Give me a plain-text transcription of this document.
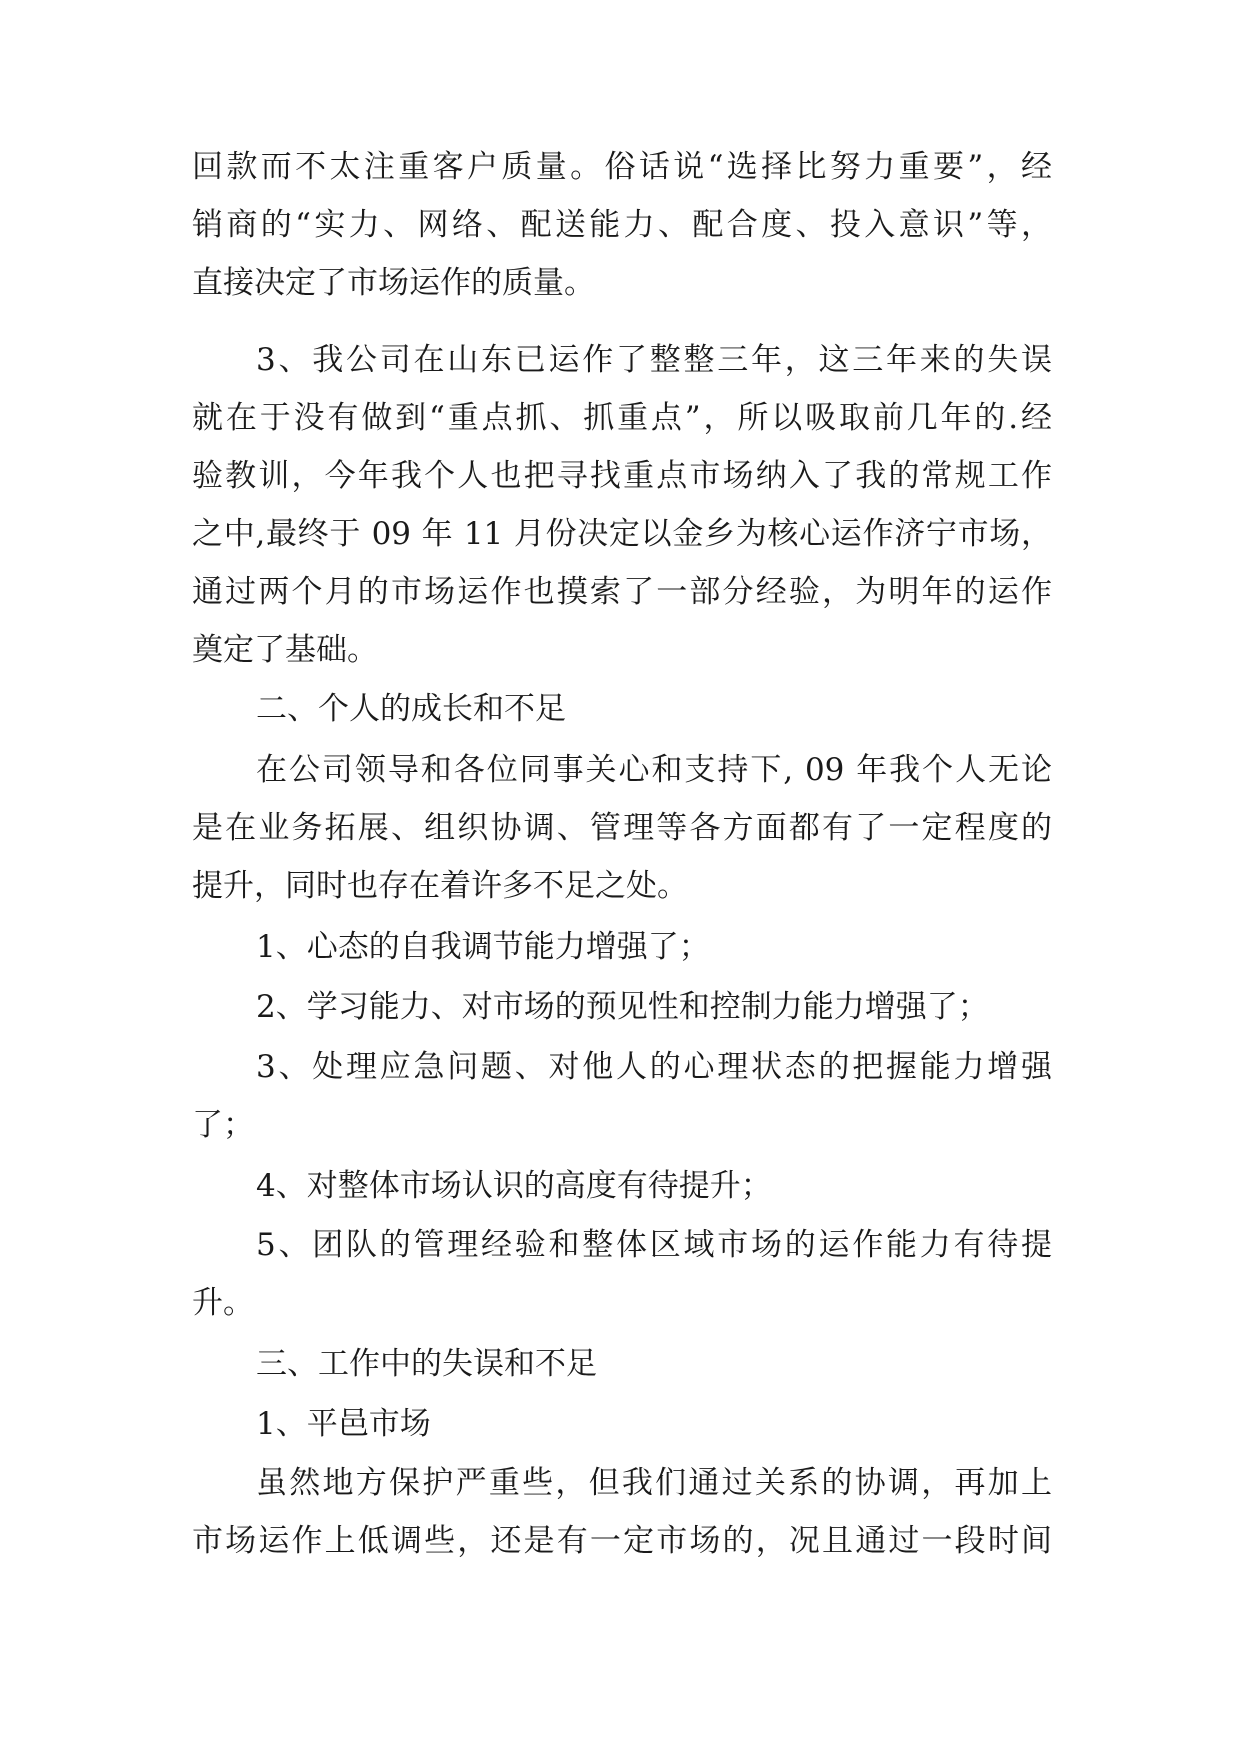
回款而不太注重客户质量。俗话说“选择比努力重要”，经
销商的“实力、网络、配送能力、配合度、投入意识”等，
直接决定了市场运作的质量。
3、我公司在山东已运作了整整三年，这三年来的失误
就在于没有做到“重点抓、抓重点”，所以吸取前几年的.经
验教训，今年我个人也把寻找重点市场纳入了我的常规工作
之中,最终于 09 年 11 月份决定以金乡为核心运作济宁市场，
通过两个月的市场运作也摸索了一部分经验，为明年的运作
奠定了基础。
二、个人的成长和不足
在公司领导和各位同事关心和支持下, 09 年我个人无论
是在业务拓展、组织协调、管理等各方面都有了一定程度的
提升，同时也存在着许多不足之处。
1、心态的自我调节能力增强了；
2、学习能力、对市场的预见性和控制力能力增强了；
3、处理应急问题、对他人的心理状态的把握能力增强
了；
4、对整体市场认识的高度有待提升；
5、团队的管理经验和整体区域市场的运作能力有待提
升。
三、工作中的失误和不足
1、平邑市场
虽然地方保护严重些，但我们通过关系的协调，再加上
市场运作上低调些，还是有一定市场的，况且通过一段时间
